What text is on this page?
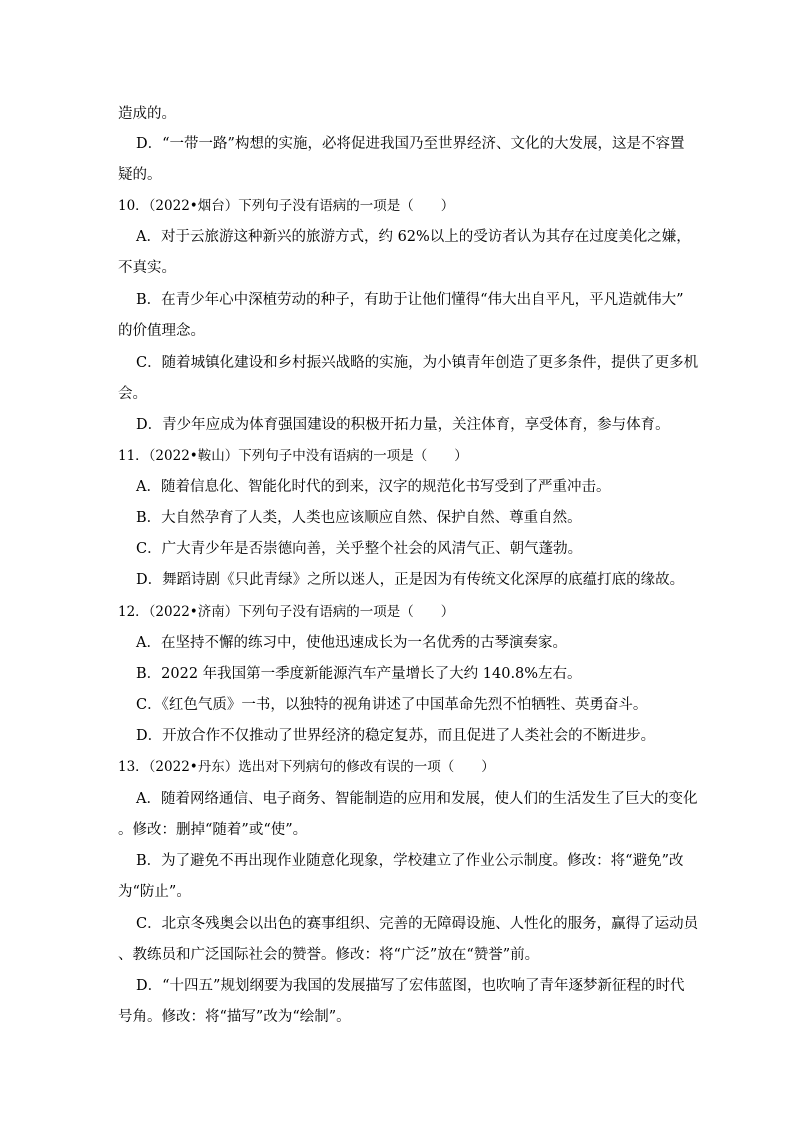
造成的。
D．“一带一路”构想的实施，必将促进我国乃至世界经济、文化的大发展，这是不容置
疑的。
10．（2022•烟台）下列句子没有语病的一项是（　　）
A．对于云旅游这种新兴的旅游方式，约 62%以上的受访者认为其存在过度美化之嫌，
不真实。
B．在青少年心中深植劳动的种子，有助于让他们懂得“伟大出自平凡，平凡造就伟大”
的价值理念。
C．随着城镇化建设和乡村振兴战略的实施，为小镇青年创造了更多条件，提供了更多机
会。
D．青少年应成为体育强国建设的积极开拓力量，关注体育，享受体育，参与体育。
11．（2022•鞍山）下列句子中没有语病的一项是（　　）
A．随着信息化、智能化时代的到来，汉字的规范化书写受到了严重冲击。
B．大自然孕育了人类，人类也应该顺应自然、保护自然、尊重自然。
C．广大青少年是否崇德向善，关乎整个社会的风清气正、朝气蓬勃。
D．舞蹈诗剧《只此青绿》之所以迷人，正是因为有传统文化深厚的底蕴打底的缘故。
12．（2022•济南）下列句子没有语病的一项是（　　）
A．在坚持不懈的练习中，使他迅速成长为一名优秀的古琴演奏家。
B．2022 年我国第一季度新能源汽车产量增长了大约 140.8%左右。
C．《红色气质》一书，以独特的视角讲述了中国革命先烈不怕牺牲、英勇奋斗。
D．开放合作不仅推动了世界经济的稳定复苏，而且促进了人类社会的不断进步。
13．（2022•丹东）选出对下列病句的修改有误的一项（　　）
A．随着网络通信、电子商务、智能制造的应用和发展，使人们的生活发生了巨大的变化
。修改：删掉“随着”或“使”。
B．为了避免不再出现作业随意化现象，学校建立了作业公示制度。修改：将“避免”改
为“防止”。
C．北京冬残奥会以出色的赛事组织、完善的无障碍设施、人性化的服务，赢得了运动员
、教练员和广泛国际社会的赞誉。修改：将“广泛”放在“赞誉”前。
D．“十四五”规划纲要为我国的发展描写了宏伟蓝图，也吹响了青年逐梦新征程的时代
号角。修改：将“描写”改为“绘制”。
